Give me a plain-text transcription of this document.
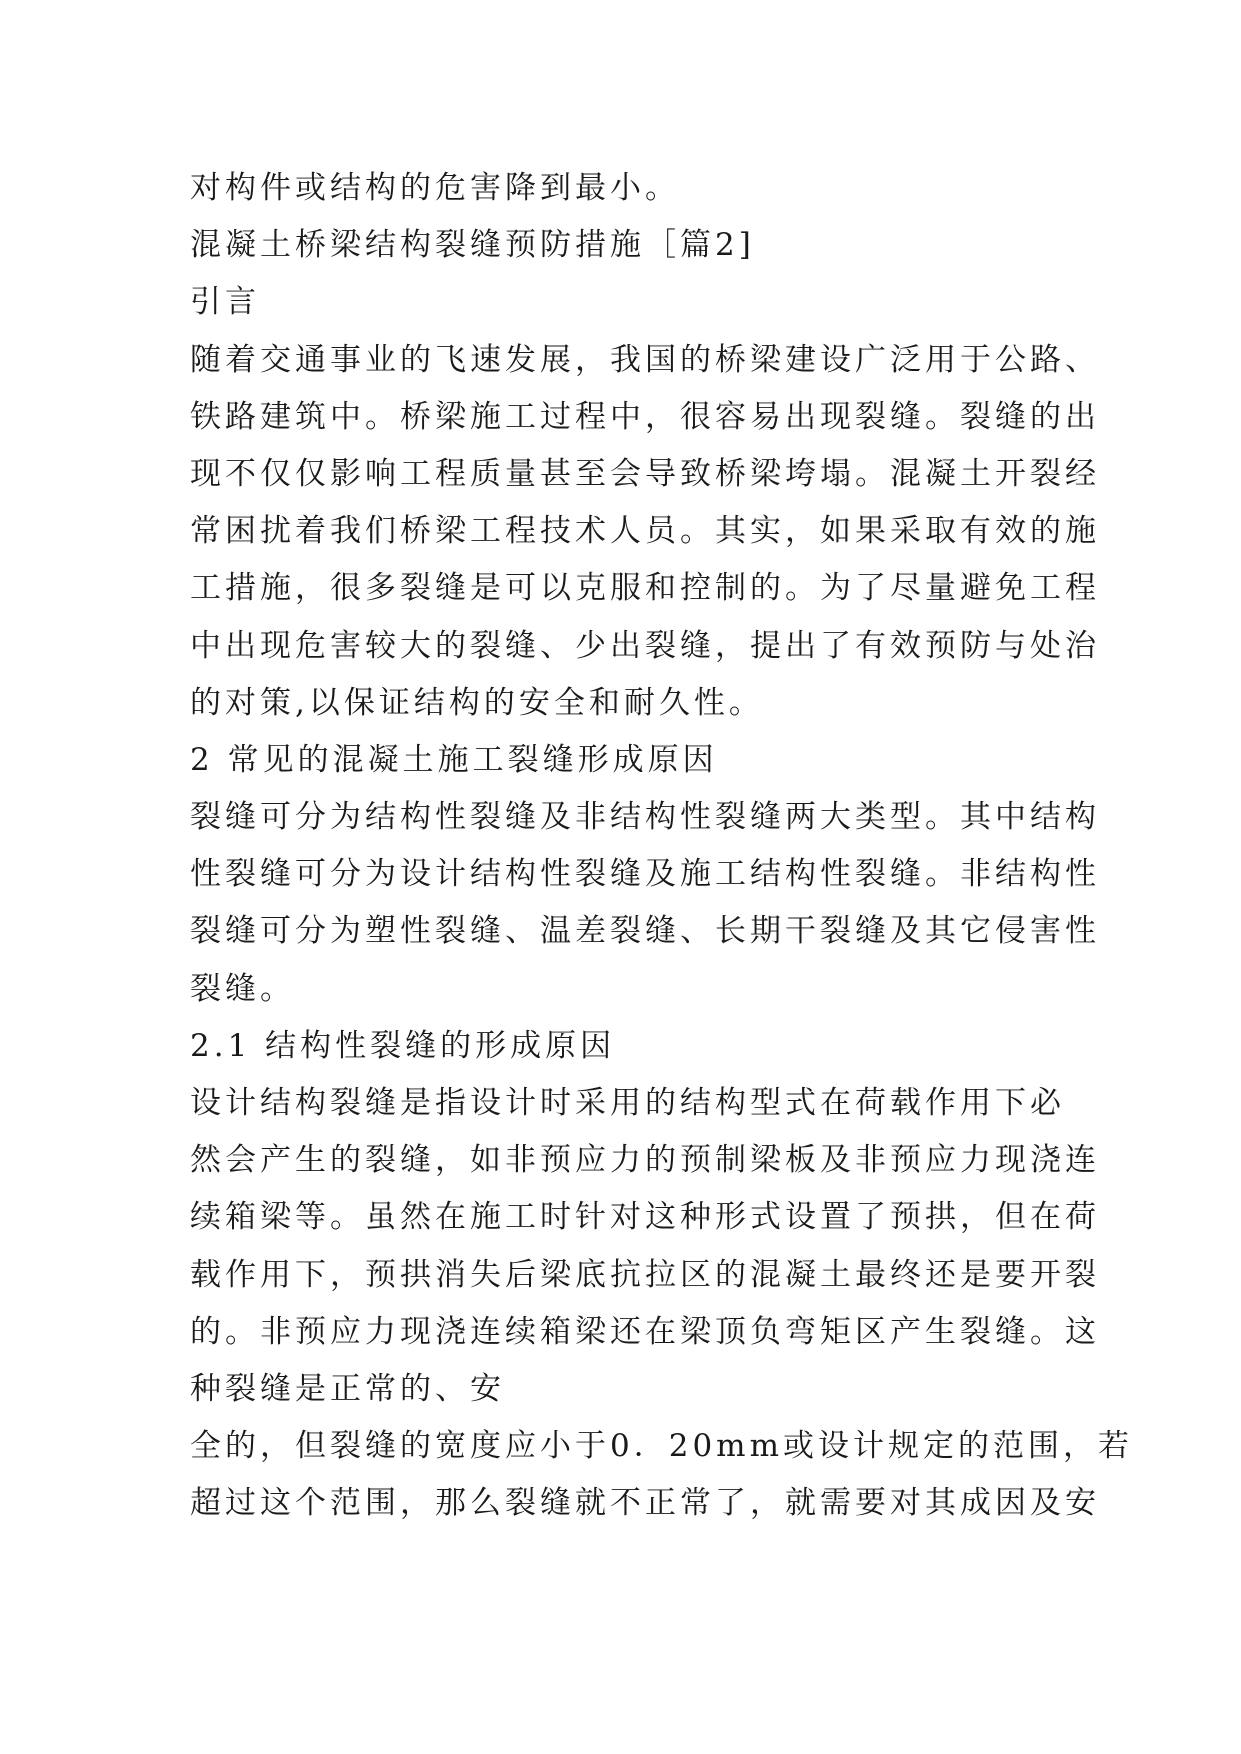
对构件或结构的危害降到最小。
混凝土桥梁结构裂缝预防措施［篇2]
引言
随着交通事业的飞速发展，我国的桥梁建设广泛用于公路、
铁路建筑中。桥梁施工过程中，很容易出现裂缝。裂缝的出
现不仅仅影响工程质量甚至会导致桥梁垮塌。混凝土开裂经
常困扰着我们桥梁工程技术人员。其实，如果采取有效的施
工措施，很多裂缝是可以克服和控制的。为了尽量避免工程
中出现危害较大的裂缝、少出裂缝，提出了有效预防与处治
的对策,以保证结构的安全和耐久性。
2 常见的混凝土施工裂缝形成原因
裂缝可分为结构性裂缝及非结构性裂缝两大类型。其中结构
性裂缝可分为设计结构性裂缝及施工结构性裂缝。非结构性
裂缝可分为塑性裂缝、温差裂缝、长期干裂缝及其它侵害性
裂缝。
2.1 结构性裂缝的形成原因
设计结构裂缝是指设计时采用的结构型式在荷载作用下必
然会产生的裂缝，如非预应力的预制梁板及非预应力现浇连
续箱梁等。虽然在施工时针对这种形式设置了预拱，但在荷
载作用下，预拱消失后梁底抗拉区的混凝土最终还是要开裂
的。非预应力现浇连续箱梁还在梁顶负弯矩区产生裂缝。这
种裂缝是正常的、安
全的，但裂缝的宽度应小于0．20mm或设计规定的范围，若
超过这个范围，那么裂缝就不正常了，就需要对其成因及安
